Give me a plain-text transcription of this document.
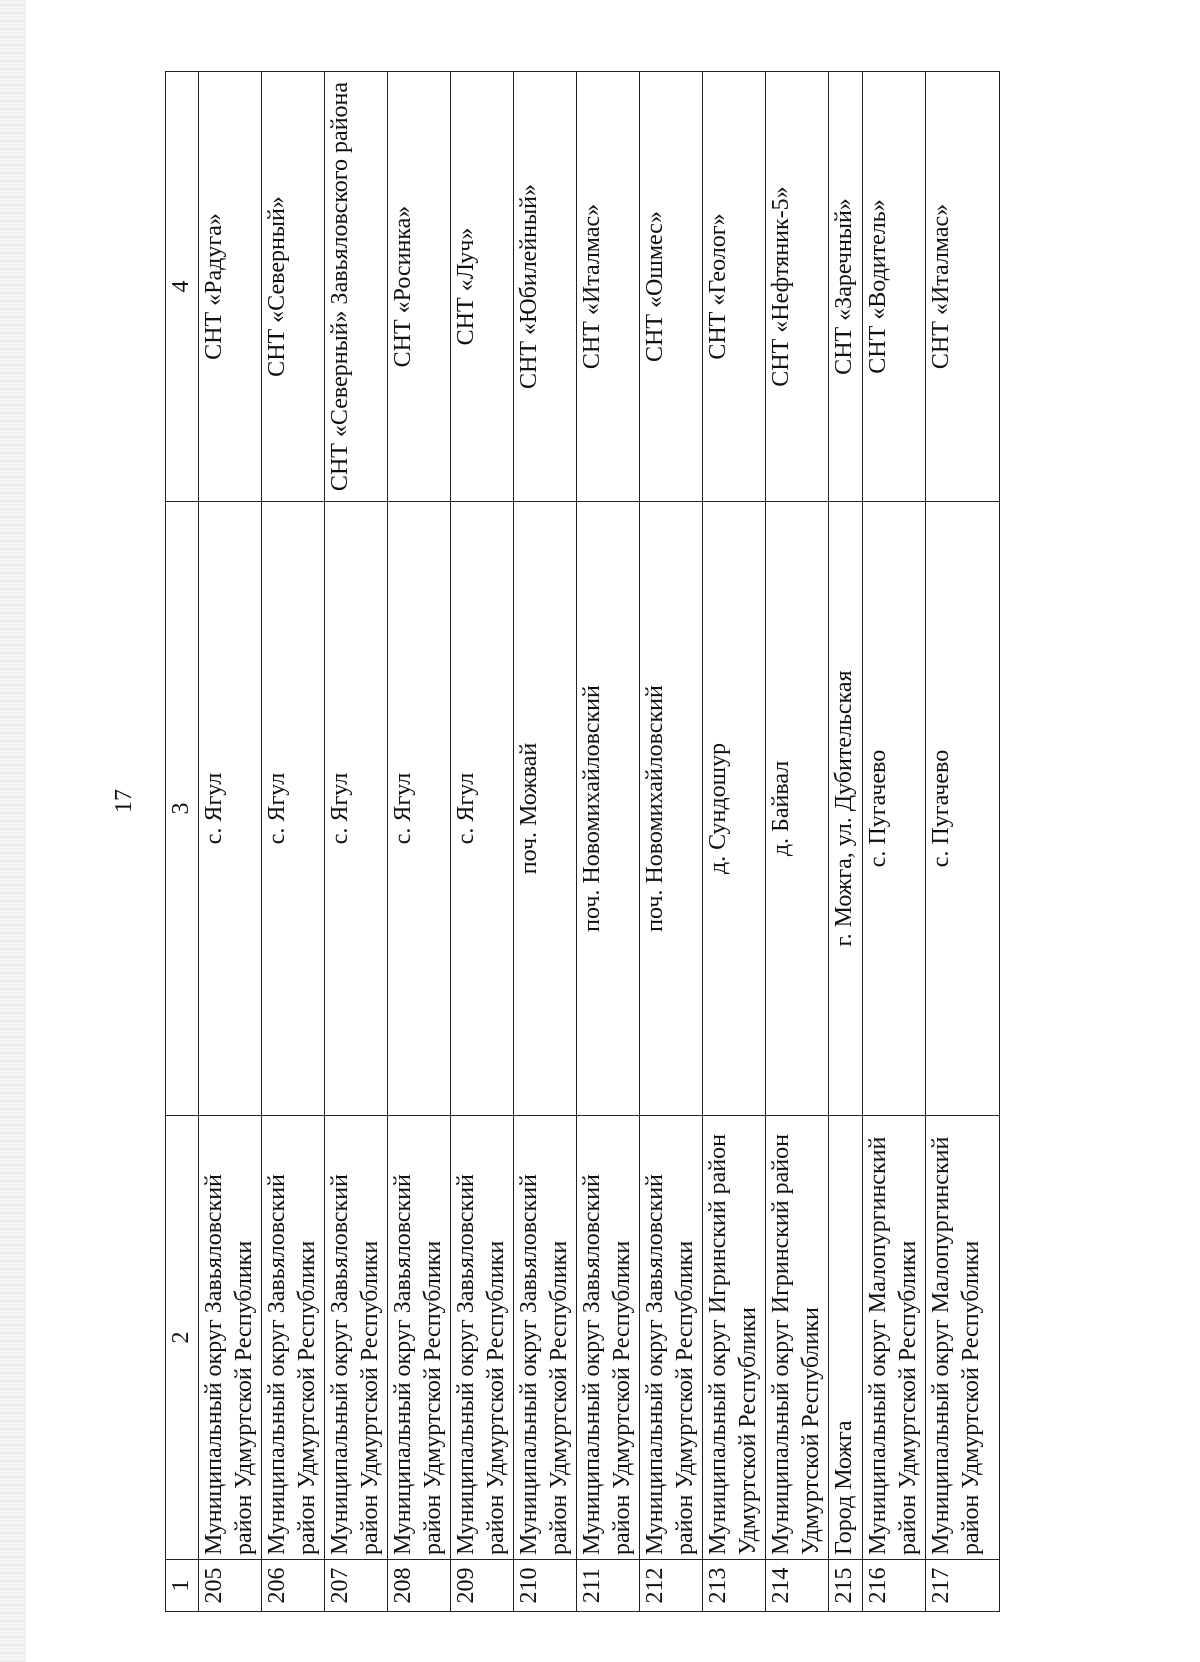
17
1	2	3	4
205	Муниципальный округ Завьяловский район Удмуртской Республики	с. Ягул	СНТ «Радуга»
206	Муниципальный округ Завьяловский район Удмуртской Республики	с. Ягул	СНТ «Северный»
207	Муниципальный округ Завьяловский район Удмуртской Республики	с. Ягул	СНТ «Северный» Завьяловского района
208	Муниципальный округ Завьяловский район Удмуртской Республики	с. Ягул	СНТ «Росинка»
209	Муниципальный округ Завьяловский район Удмуртской Республики	с. Ягул	СНТ «Луч»
210	Муниципальный округ Завьяловский район Удмуртской Республики	поч. Можвай	СНТ «Юбилейный»
211	Муниципальный округ Завьяловский район Удмуртской Республики	поч. Новомихайловский	СНТ «Италмас»
212	Муниципальный округ Завьяловский район Удмуртской Республики	поч. Новомихайловский	СНТ «Ошмес»
213	Муниципальный округ Игринский район Удмуртской Республики	д. Сундошур	СНТ «Геолог»
214	Муниципальный округ Игринский район Удмуртской Республики	д. Байвал	СНТ «Нефтяник-5»
215	Город Можга	г. Можга, ул. Дубительская	СНТ «Заречный»
216	Муниципальный округ Малопургинский район Удмуртской Республики	с. Пугачево	СНТ «Водитель»
217	Муниципальный округ Малопургинский район Удмуртской Республики	с. Пугачево	СНТ «Италмас»
